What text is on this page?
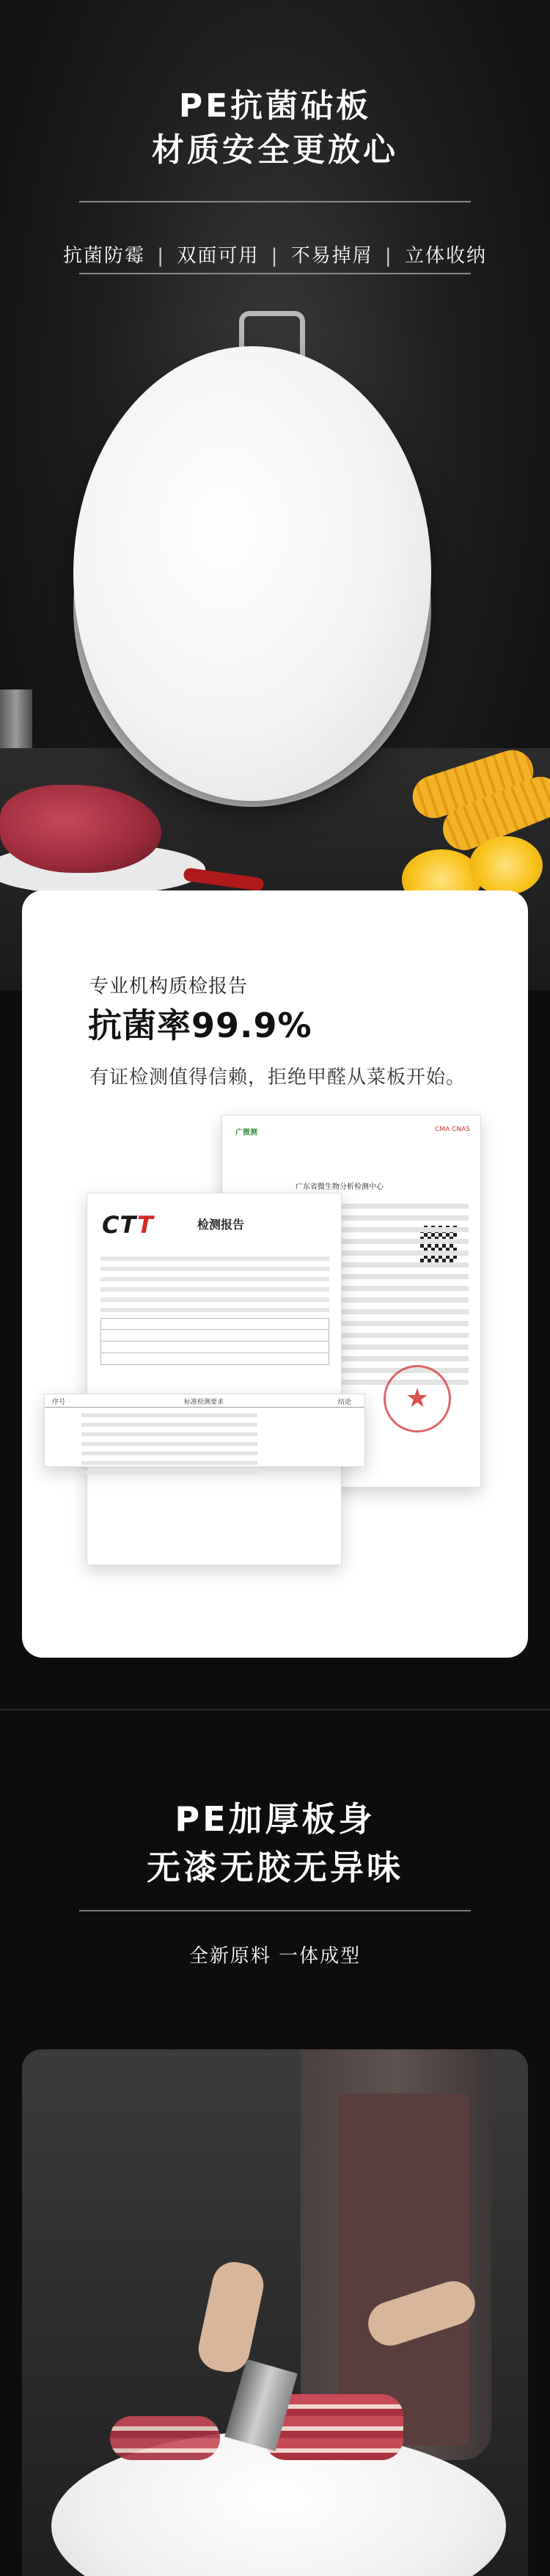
PE抗菌砧板
材质安全更放心
抗菌防霉 | 双面可用 | 不易掉屑 | 立体收纳
专业机构质检报告
抗菌率99.9%
有证检测值得信赖，拒绝甲醛从菜板开始。
广微测	CMA CNAS
广东省微生物分析检测中心
★
CTT	检测报告
序号	标准检测要求	结论
PE加厚板身
无漆无胶无异味
全新原料 一体成型
